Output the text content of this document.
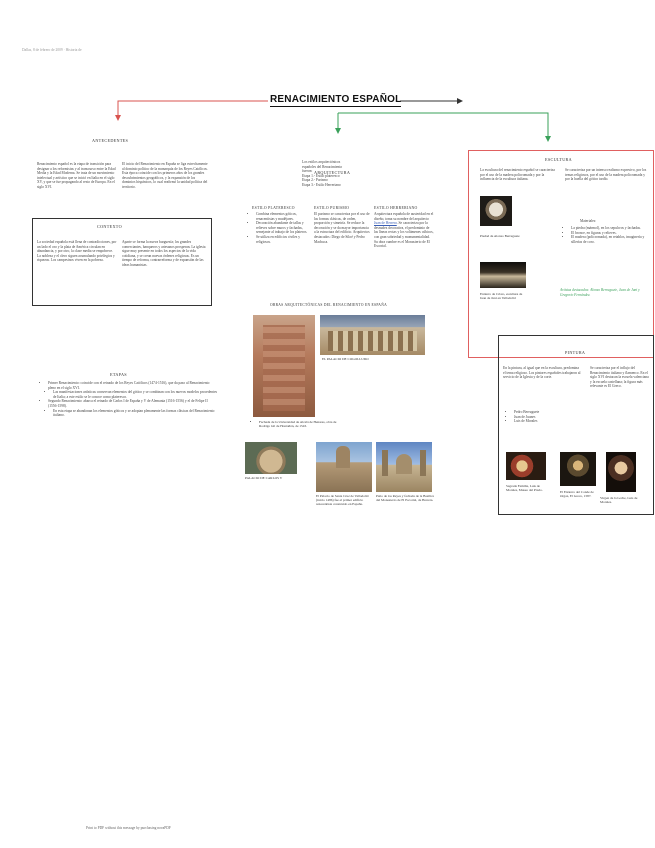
Dallas, 8 de febrero de 2009 · Historia de
RENACIMIENTO ESPAÑOL
ANTECEDENTES
Renacimiento español es la etapa de transición para designar a los reformistas y al transcurso entre la Edad Media y la Edad Moderna. Se trata de un movimiento intelectual y artístico que se inició en Italia en el siglo XV, y que se fue propagando al resto de Europa. En el siglo XVI.
El inicio del Renacimiento en España se liga estrechamente al dominio político de la monarquía de los Reyes Católicos. Esta época coincide con los primeros años de los grandes descubrimientos geográficos, y la expansión de los dominios hispánicos, lo cual reafirmó la unidad política del territorio.
CONTEXTO
La sociedad española está llena de contradicciones, por un lado el oro y la plata de América circulan en abundancia, y por otro, la clase media se empobrece. La nobleza y el clero siguen acumulando privilegios y riquezas. Los campesinos viven en la pobreza.
Aparte se forma la nueva burguesía; los grandes comerciantes, banqueros y artesanos prosperan. La iglesia sigue muy presente en todos los aspectos de la vida cotidiana, y se crean nuevas órdenes religiosas. Es un tiempo de reforma, contrarreforma y de expansión de las ideas humanistas.
ETAPAS
• Primer Renacimiento: coincide con el reinado de los Reyes Católicos (1474-1516), que da paso al Renacimiento pleno en el siglo XVI.
• Las manifestaciones artísticas conservan elementos del gótico y se combinan con los nuevos modelos procedentes de Italia; a este estilo se le conoce como plateresco.
• Segundo Renacimiento: abarca el reinado de Carlos I de España y V de Alemania (1516-1556) y el de Felipe II (1556-1598).
• En esta etapa se abandonan los elementos góticos y se adoptan plenamente las formas clásicas del Renacimiento italiano.
ARQUITECTURA
Los estilos arquitectónicos
españoles del Renacimiento
fueron:
Etapa 1.- Estilo plateresco
Etapa 2.- Purismo
Etapa 3.- Estilo Herreriano
ESTILO PLATERESCO
• Combina elementos góticos, renacentistas y mudéjares.
• Decoración abundante de tallas y relieves sobre muros y fachadas, semejante al trabajo de los plateros.
• Se utiliza en edificios civiles y religiosos.
ESTILO PURISMO
El purismo se caracteriza por el uso de las formas clásicas, de orden, proporción y simetría. Se reduce la decoración y se da mayor importancia a la estructura del edificio. Arquitectos destacados: Diego de Siloé y Pedro Machuca.
ESTILO HERRERIANO
Arquitectura española de austeridad en el diseño, toma su nombre del arquitecto Juan de Herrera. Se caracteriza por la desnudez decorativa, el predominio de las líneas rectas y los volúmenes cúbicos, con gran sobriedad y monumentalidad. Su obra cumbre es el Monasterio de El Escorial.
OBRAS ARQUITECTÓNICAS DEL RENACIMIENTO EN ESPAÑA
EL PALACIO DE COGOLLUDO
• Fachada de la Universidad de Alcalá de Henares, obra de Rodrigo Gil de Hontañón, de 1543.
PALACIO DE CARLOS V
El Palacio de Santa Cruz de Valladolid (inicio 1486) fue el primer edificio renacentista construido en España.
Patio de los Reyes y fachada de la Basílica del Monasterio de El Escorial, de Herrera.
ESCULTURA
La escultura del renacimiento español se caracteriza por el uso de la madera policromada y por la influencia de la escultura italiana.
Piedad de Alonso Berruguete
Entierro de Cristo, escultura de Juan de Juni en Valladolid
Se caracteriza por un intenso realismo expresivo, por los temas religiosos, por el uso de la madera policromada y por la huella del gótico tardío.
Materiales:
• La piedra (mármol), en los sepulcros y fachadas.
• El bronce, en figuras y relieves.
• El madera (policromada), en retablos, imaginería y sillerías de coro.
Artistas destacados: Alonso Berruguete, Juan de Juni y Gregorio Fernández.
PINTURA
En la pintura, al igual que en la escultura, predomina el tema religioso. Los pintores españoles trabajaron al servicio de la Iglesia y de la corte.
• Pedro Berruguete
• Juan de Juanes
• Luis de Morales
Se caracteriza por el influjo del Renacimiento italiano y flamenco. En el siglo XVI destacan la escuela valenciana y la escuela castellana; la figura más relevante es El Greco.
Sagrada Familia, Luis de Morales, Museo del Prado.	El Entierro del Conde de Orgaz, El Greco, 1587.	Virgen de la Leche, Luis de Morales.
Print to PDF without this message by purchasing novaPDF
